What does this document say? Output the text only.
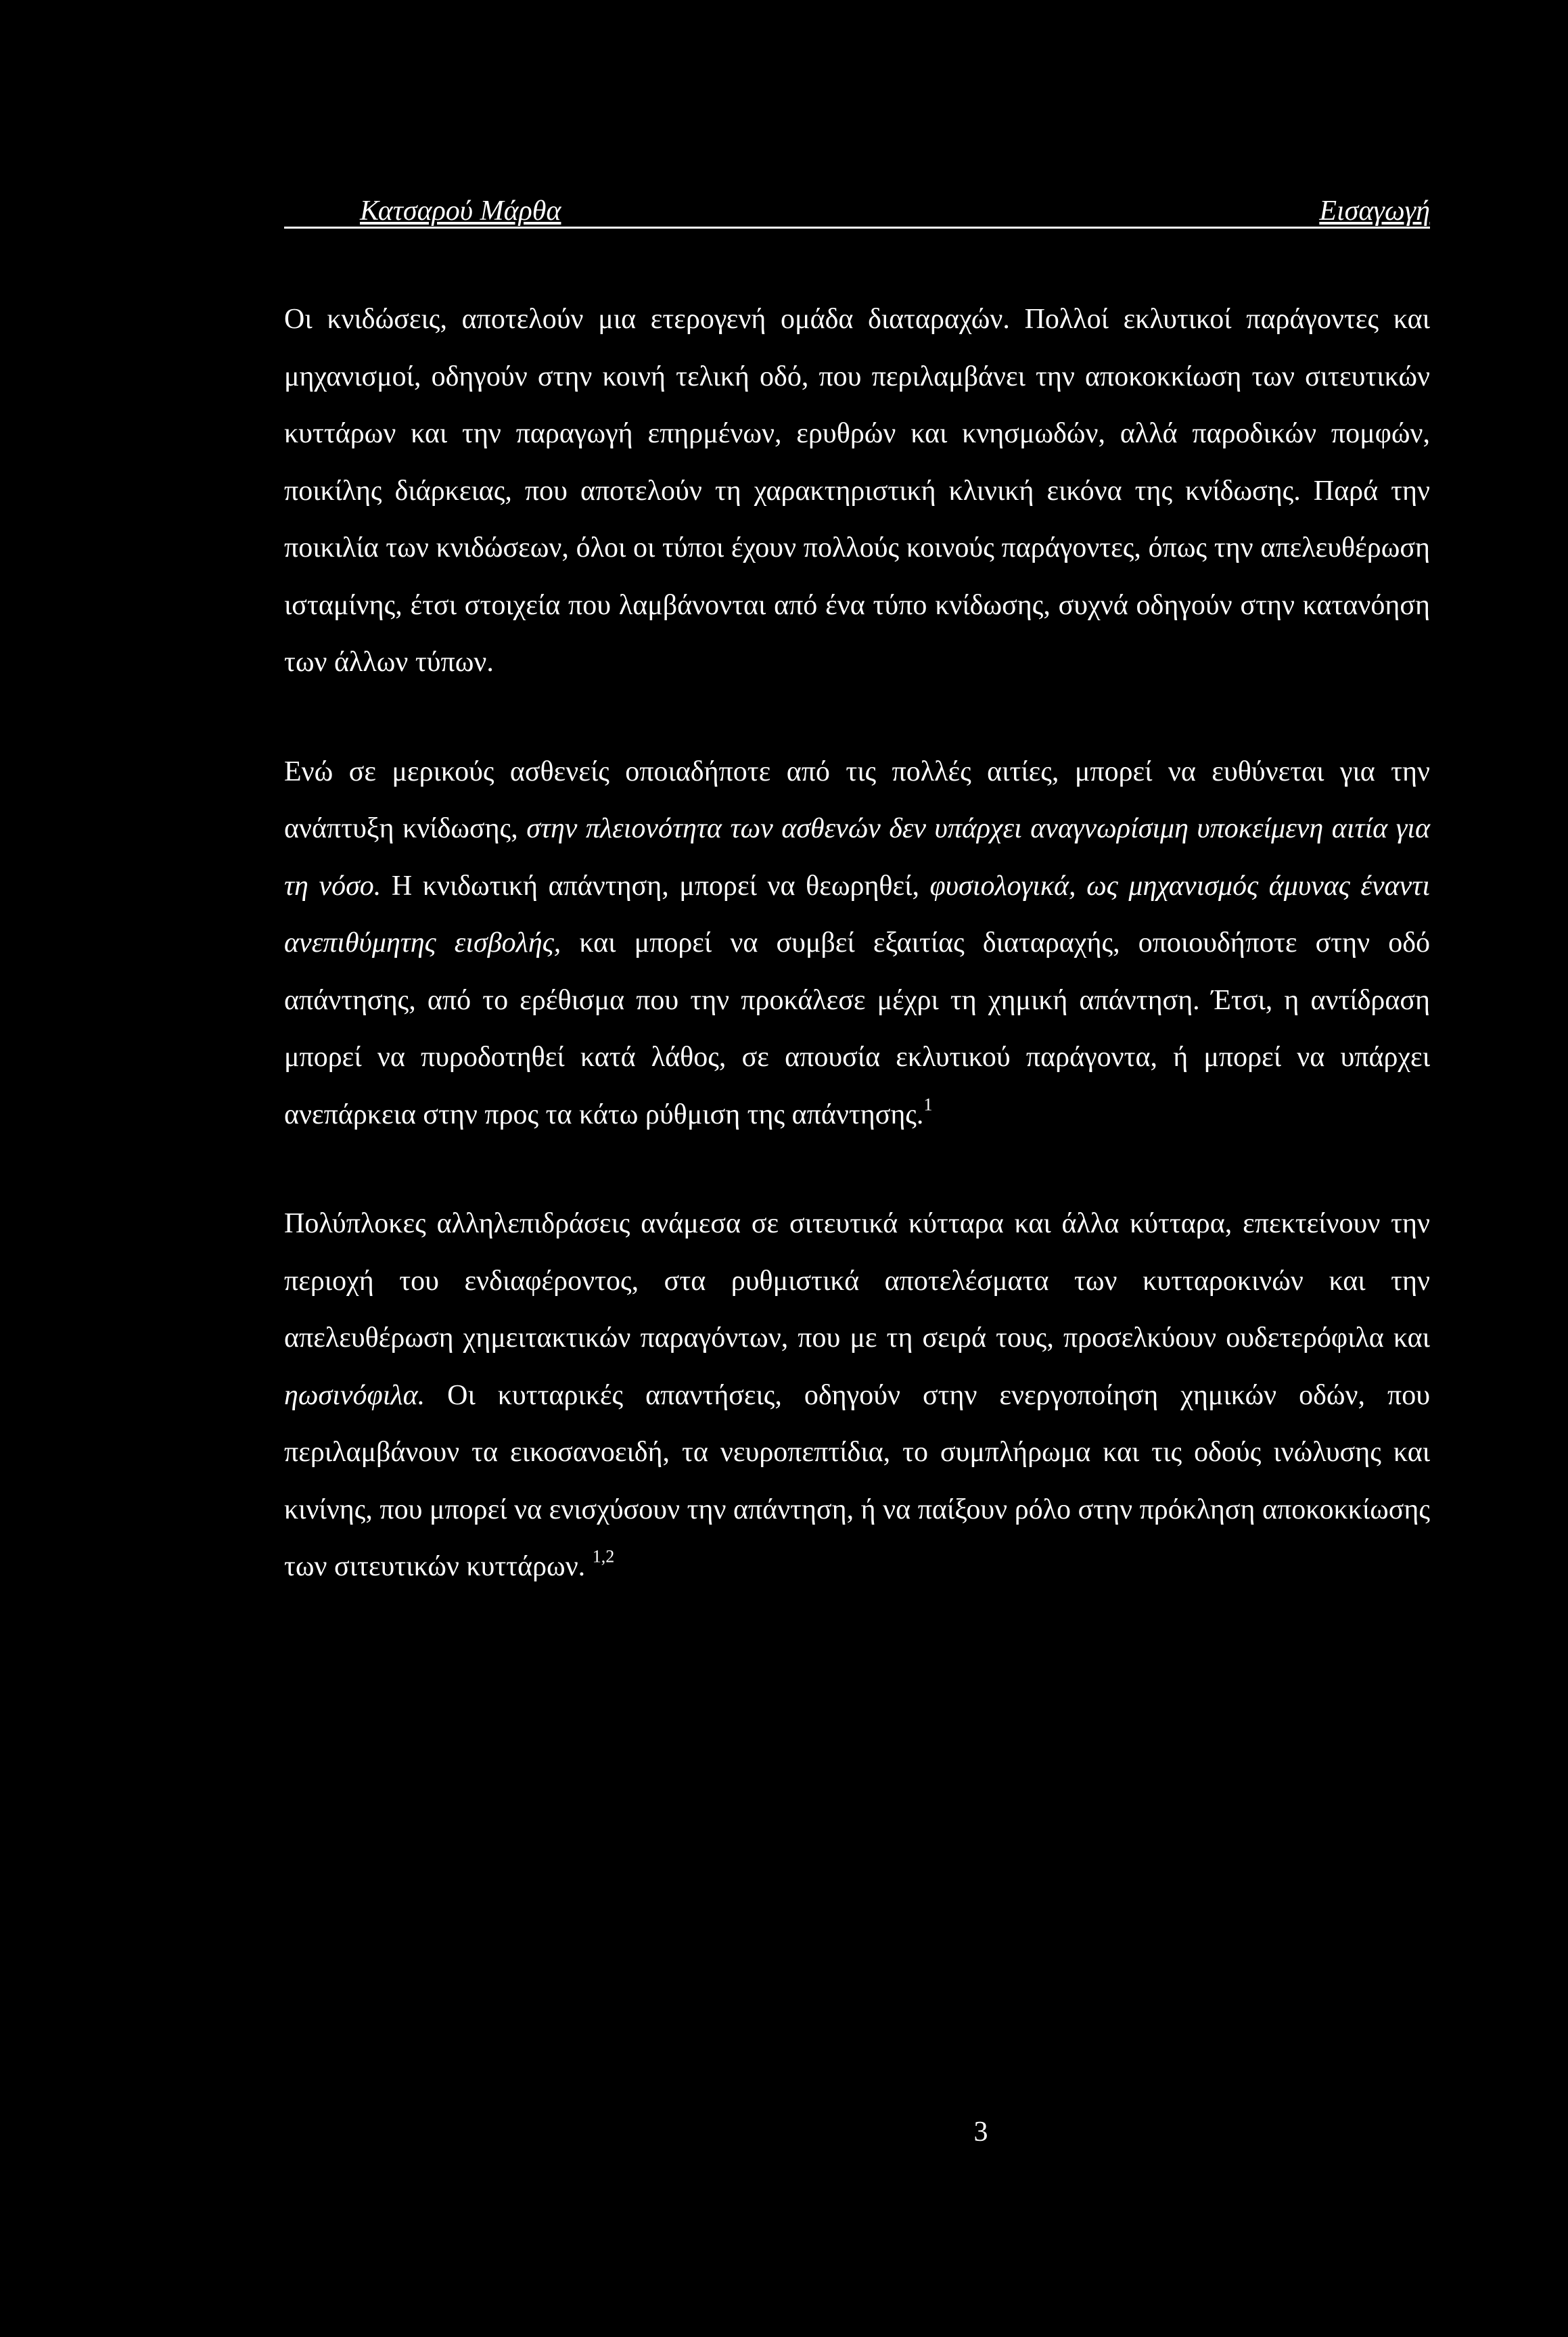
Κατσαρού Μάρθα	Εισαγωγή

Οι κνιδώσεις, αποτελούν μια ετερογενή ομάδα διαταραχών. Πολλοί εκλυτικοί παράγοντες και μηχανισμοί, οδηγούν στην κοινή τελική οδό, που περιλαμβάνει την αποκοκκίωση των σιτευτικών κυττάρων και την παραγωγή επηρμένων, ερυθρών και κνησμωδών, αλλά παροδικών πομφών, ποικίλης διάρκειας, που αποτελούν τη χαρακτηριστική κλινική εικόνα της κνίδωσης. Παρά την ποικιλία των κνιδώσεων, όλοι οι τύποι έχουν πολλούς κοινούς παράγοντες, όπως την απελευθέρωση ισταμίνης, έτσι στοιχεία που λαμβάνονται από ένα τύπο κνίδωσης, συχνά οδηγούν στην κατανόηση των άλλων τύπων.

Ενώ σε μερικούς ασθενείς οποιαδήποτε από τις πολλές αιτίες, μπορεί να ευθύνεται για την ανάπτυξη κνίδωσης, στην πλειονότητα των ασθενών δεν υπάρχει αναγνωρίσιμη υποκείμενη αιτία για τη νόσο. Η κνιδωτική απάντηση, μπορεί να θεωρηθεί, φυσιολογικά, ως μηχανισμός άμυνας έναντι ανεπιθύμητης εισβολής, και μπορεί να συμβεί εξαιτίας διαταραχής, οποιουδήποτε στην οδό απάντησης, από το ερέθισμα που την προκάλεσε μέχρι τη χημική απάντηση. Έτσι, η αντίδραση μπορεί να πυροδοτηθεί κατά λάθος, σε απουσία εκλυτικού παράγοντα, ή μπορεί να υπάρχει ανεπάρκεια στην προς τα κάτω ρύθμιση της απάντησης.$^1$

Πολύπλοκες αλληλεπιδράσεις ανάμεσα σε σιτευτικά κύτταρα και άλλα κύτταρα, επεκτείνουν την περιοχή του ενδιαφέροντος, στα ρυθμιστικά αποτελέσματα των κυτταροκινών και την απελευθέρωση χημειτακτικών παραγόντων, που με τη σειρά τους, προσελκύουν ουδετερόφιλα και ηωσινόφιλα. Οι κυτταρικές απαντήσεις, οδηγούν στην ενεργοποίηση χημικών οδών, που περιλαμβάνουν τα εικοσανοειδή, τα νευροπεπτίδια, το συμπλήρωμα και τις οδούς ινώλυσης και κινίνης, που μπορεί να ενισχύσουν την απάντηση, ή να παίξουν ρόλο στην πρόκληση αποκοκκίωσης των σιτευτικών κυττάρων. $^{1,2}$

3
